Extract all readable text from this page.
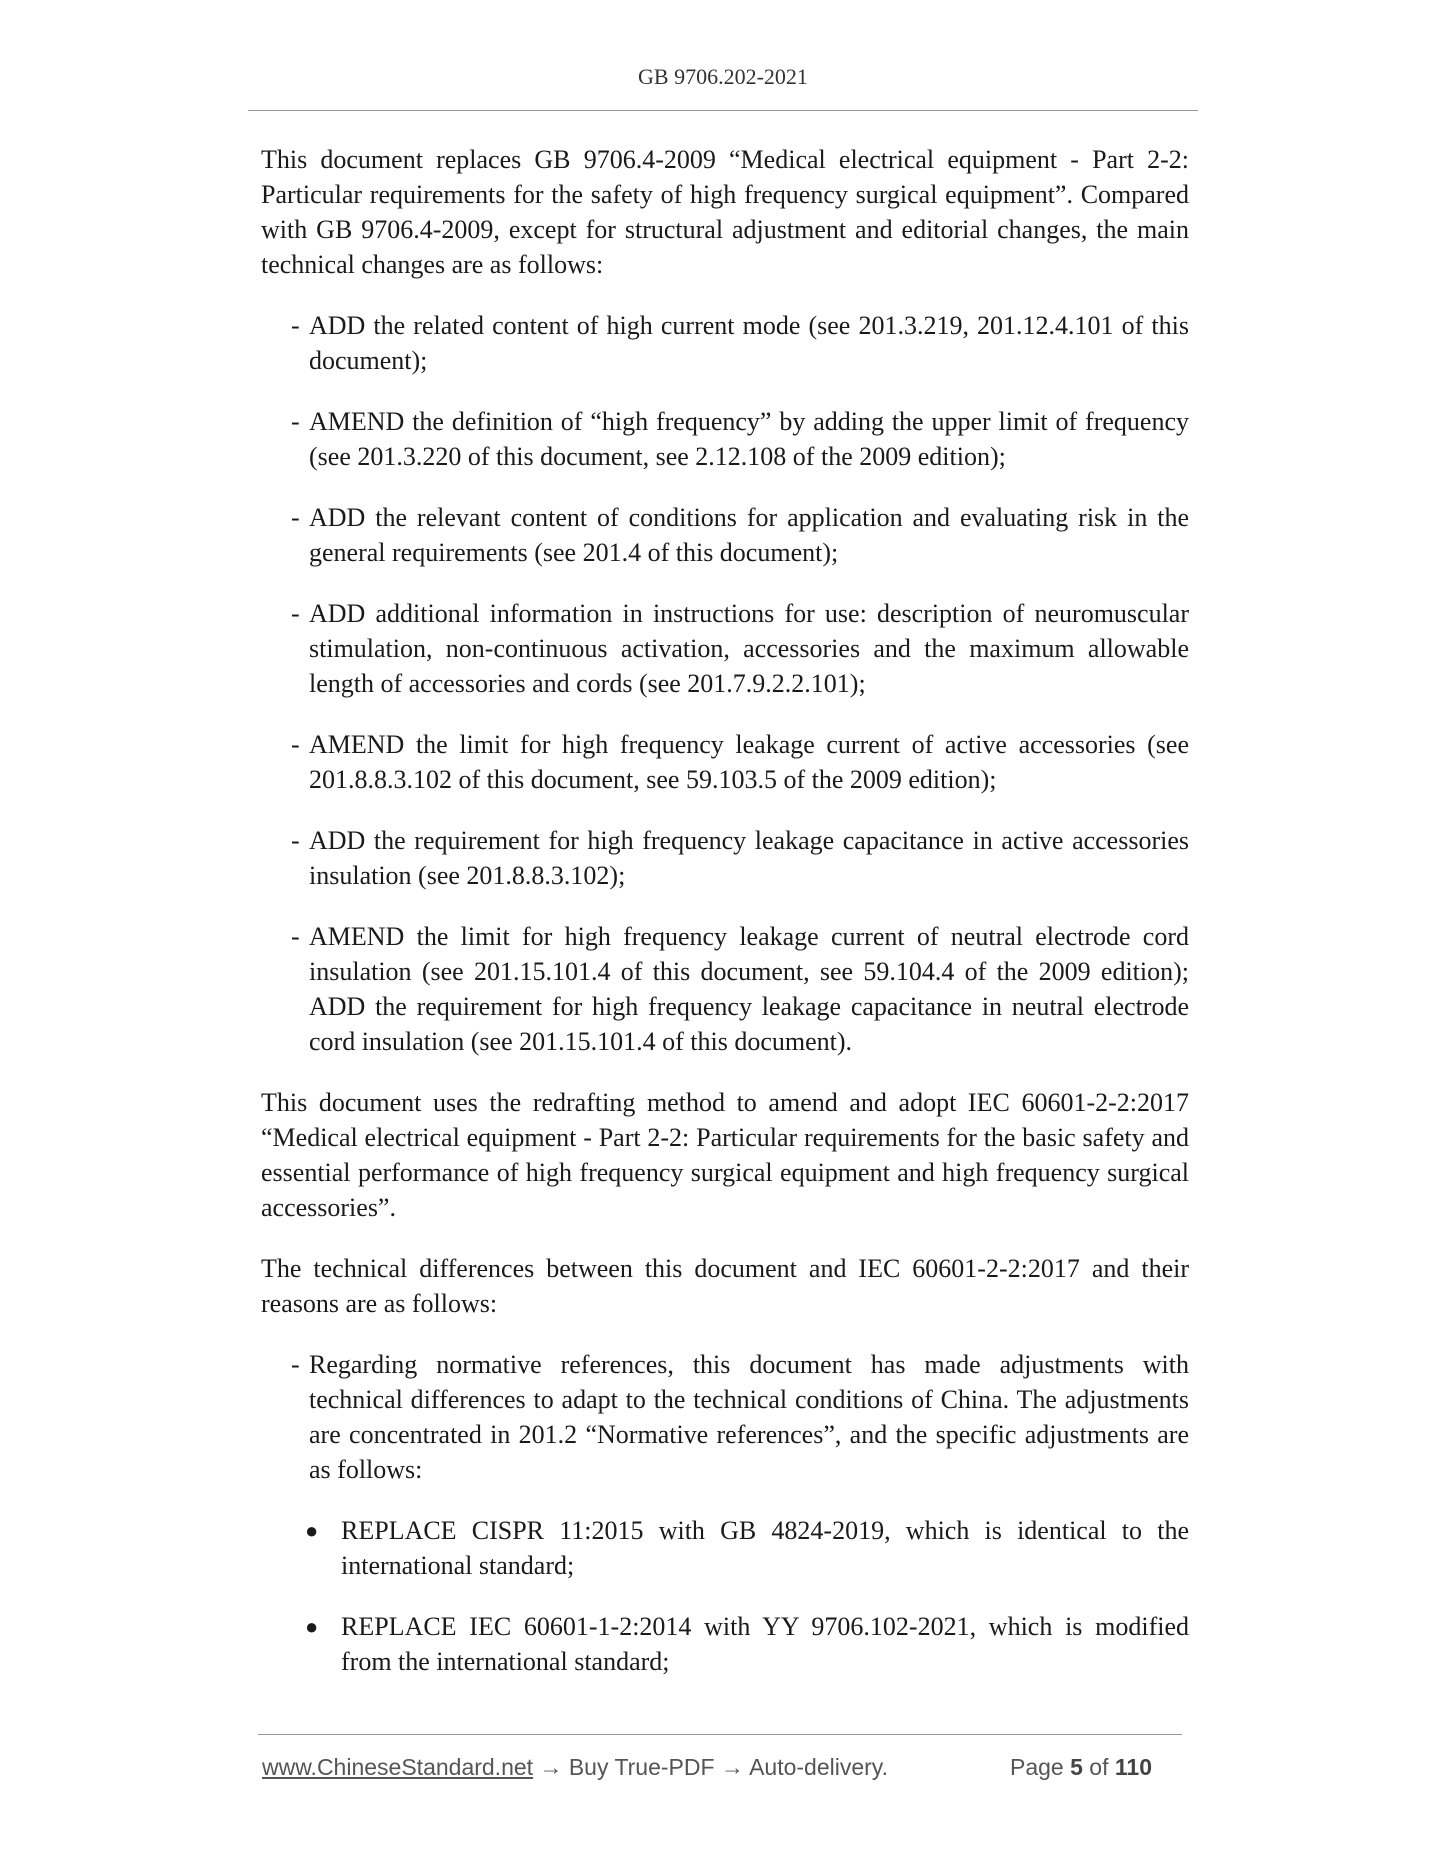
GB 9706.202-2021

This document replaces GB 9706.4-2009 “Medical electrical equipment - Part 2-2: Particular requirements for the safety of high frequency surgical equipment”. Compared with GB 9706.4-2009, except for structural adjustment and editorial changes, the main technical changes are as follows:

- ADD the related content of high current mode (see 201.3.219, 201.12.4.101 of this document);
- AMEND the definition of “high frequency” by adding the upper limit of frequency (see 201.3.220 of this document, see 2.12.108 of the 2009 edition);
- ADD the relevant content of conditions for application and evaluating risk in the general requirements (see 201.4 of this document);
- ADD additional information in instructions for use: description of neuromuscular stimulation, non-continuous activation, accessories and the maximum allowable length of accessories and cords (see 201.7.9.2.2.101);
- AMEND the limit for high frequency leakage current of active accessories (see 201.8.8.3.102 of this document, see 59.103.5 of the 2009 edition);
- ADD the requirement for high frequency leakage capacitance in active accessories insulation (see 201.8.8.3.102);
- AMEND the limit for high frequency leakage current of neutral electrode cord insulation (see 201.15.101.4 of this document, see 59.104.4 of the 2009 edition); ADD the requirement for high frequency leakage capacitance in neutral electrode cord insulation (see 201.15.101.4 of this document).

This document uses the redrafting method to amend and adopt IEC 60601-2-2:2017 “Medical electrical equipment - Part 2-2: Particular requirements for the basic safety and essential performance of high frequency surgical equipment and high frequency surgical accessories”.

The technical differences between this document and IEC 60601-2-2:2017 and their reasons are as follows:

- Regarding normative references, this document has made adjustments with technical differences to adapt to the technical conditions of China. The adjustments are concentrated in 201.2 “Normative references”, and the specific adjustments are as follows:
● REPLACE CISPR 11:2015 with GB 4824-2019, which is identical to the international standard;
● REPLACE IEC 60601-1-2:2014 with YY 9706.102-2021, which is modified from the international standard;
www.ChineseStandard.net → Buy True-PDF → Auto-delivery.	Page 5 of 110
